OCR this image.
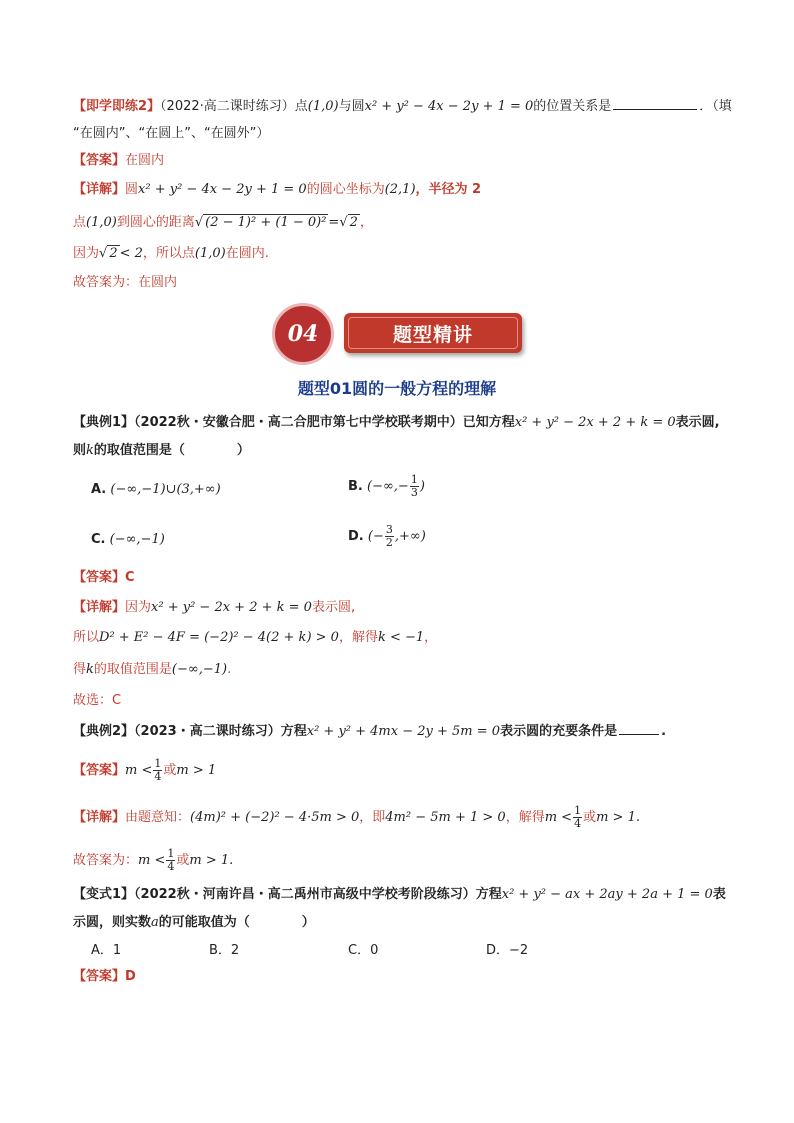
【即学即练2】（2022·高二课时练习）点(1,0)与圆x² + y² − 4x − 2y + 1 = 0的位置关系是	．（填
“在圆内”、“在圆上”、“在圆外”）
【答案】在圆内
【详解】圆x² + y² − 4x − 2y + 1 = 0的圆心坐标为(2,1)，半径为 2
点(1,0)到圆心的距离√ (2 − 1)² + (1 − 0)² =√ 2 ，
因为√ 2 < 2，所以点(1,0)在圆内.
故答案为：在圆内
题型精讲
04
题型01圆的一般方程的理解
【典例1】（2022秋・安徽合肥・高二合肥市第七中学校联考期中）已知方程x² + y² − 2x + 2 + k = 0表示圆,
则k的取值范围是（	）
A. (−∞,−1)∪(3,+∞)	B. (−∞,− $\frac{1}{3}$ )
C. (−∞,−1)	D. (− $\frac{3}{2}$ ,+∞)
【答案】C
【详解】因为x² + y² − 2x + 2 + k = 0表示圆,
所以D² + E² − 4F = (−2)² − 4(2 + k) > 0，解得k < −1，
得k的取值范围是(−∞,−1).
故选：C
【典例2】（2023・高二课时练习）方程x² + y² + 4mx − 2y + 5m = 0表示圆的充要条件是	.
【答案】$m < \frac{1}{4}$ 或m > 1
【详解】由题意知：(4m)² + (−2)² − 4·5m > 0，即4m² − 5m + 1 > 0，解得$m < \frac{1}{4}$ 或m > 1.
故答案为：$m < \frac{1}{4}$ 或m > 1.
【变式1】（2022秋・河南许昌・高二禹州市高级中学校考阶段练习）方程x² + y² − ax + 2ay + 2a + 1 = 0表
示圆，则实数a的可能取值为（	）
A．1	B．2	C．0	D．−2
【答案】D
